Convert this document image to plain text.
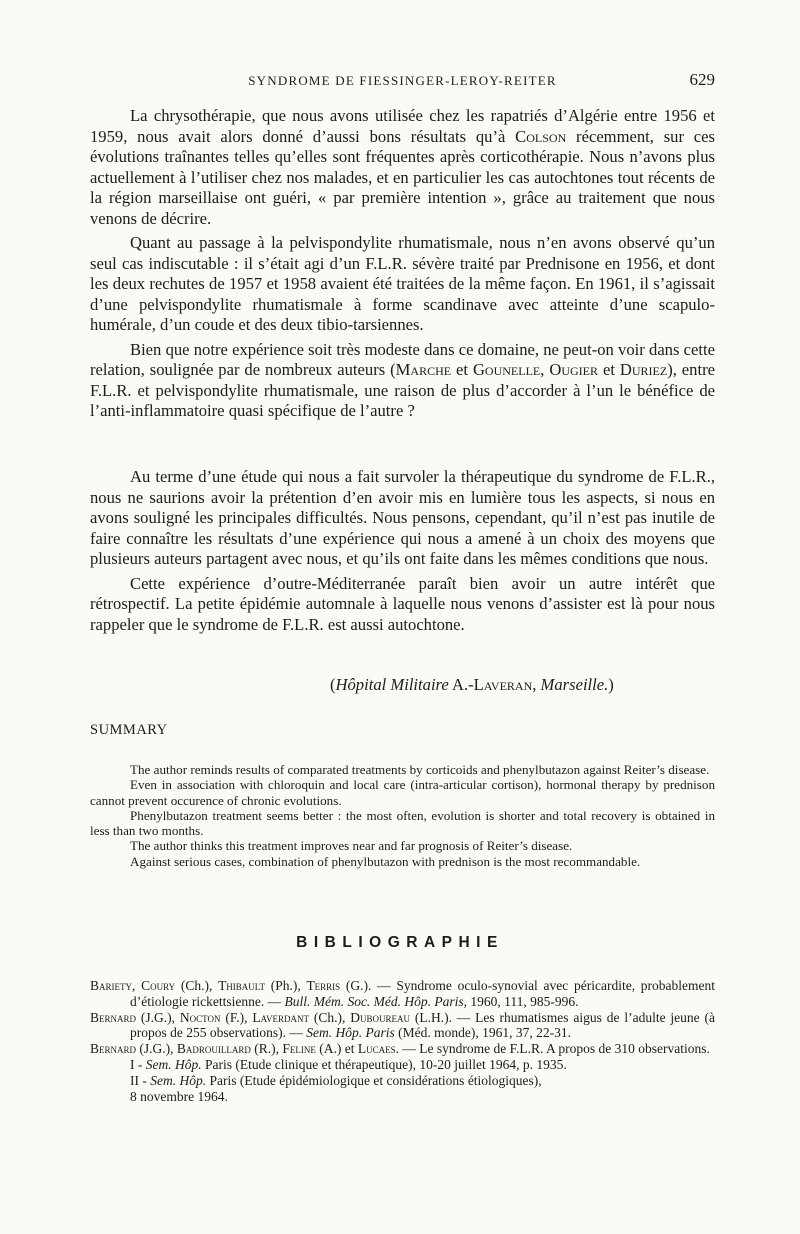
SYNDROME DE FIESSINGER-LEROY-REITER	629

La chrysothérapie, que nous avons utilisée chez les rapatriés d’Algérie entre 1956 et 1959, nous avait alors donné d’aussi bons résultats qu’à Colson récemment, sur ces évolutions traînantes telles qu’elles sont fréquentes après corticothérapie. Nous n’avons plus actuellement à l’utiliser chez nos malades, et en particulier les cas autochtones tout récents de la région marseillaise ont guéri, « par première intention », grâce au traitement que nous venons de décrire.

Quant au passage à la pelvispondylite rhumatismale, nous n’en avons observé qu’un seul cas indiscutable : il s’était agi d’un F.L.R. sévère traité par Prednisone en 1956, et dont les deux rechutes de 1957 et 1958 avaient été traitées de la même façon. En 1961, il s’agissait d’une pelvispondylite rhumatismale à forme scandinave avec atteinte d’une scapulo-humérale, d’un coude et des deux tibio-tarsiennes.

Bien que notre expérience soit très modeste dans ce domaine, ne peut-on voir dans cette relation, soulignée par de nombreux auteurs (Marche et Gounelle, Ougier et Duriez), entre F.L.R. et pelvispondylite rhumatismale, une raison de plus d’accorder à l’un le bénéfice de l’anti-inflammatoire quasi spécifique de l’autre ?

Au terme d’une étude qui nous a fait survoler la thérapeutique du syndrome de F.L.R., nous ne saurions avoir la prétention d’en avoir mis en lumière tous les aspects, si nous en avons souligné les principales difficultés. Nous pensons, cependant, qu’il n’est pas inutile de faire connaître les résultats d’une expérience qui nous a amené à un choix des moyens que plusieurs auteurs partagent avec nous, et qu’ils ont faite dans les mêmes conditions que nous.

Cette expérience d’outre-Méditerranée paraît bien avoir un autre intérêt que rétrospectif. La petite épidémie automnale à laquelle nous venons d’assister est là pour nous rappeler que le syndrome de F.L.R. est aussi autochtone.

(Hôpital Militaire A.-Laveran, Marseille.)
SUMMARY

The author reminds results of comparated treatments by corticoids and phenylbutazon against Reiter’s disease.

Even in association with chloroquin and local care (intra-articular cortison), hormonal therapy by prednison cannot prevent occurence of chronic evolutions.

Phenylbutazon treatment seems better : the most often, evolution is shorter and total recovery is obtained in less than two months.

The author thinks this treatment improves near and far prognosis of Reiter’s disease.

Against serious cases, combination of phenylbutazon with prednison is the most recommandable.

BIBLIOGRAPHIE
Bariety, Coury (Ch.), Thibault (Ph.), Terris (G.). — Syndrome oculo-synovial avec péricardite, probablement d’étiologie rickettsienne. — Bull. Mém. Soc. Méd. Hôp. Paris, 1960, 111, 985-996.
Bernard (J.G.), Nocton (F.), Laverdant (Ch.), Duboureau (L.H.). — Les rhumatismes aigus de l’adulte jeune (à propos de 255 observations). — Sem. Hôp. Paris (Méd. monde), 1961, 37, 22-31.
Bernard (J.G.), Badrouillard (R.), Feline (A.) et Lucaes. — Le syndrome de F.L.R. A propos de 310 observations.
I - Sem. Hôp. Paris (Etude clinique et thérapeutique), 10-20 juillet 1964, p. 1935.
II - Sem. Hôp. Paris (Etude épidémiologique et considérations étiologiques),
8 novembre 1964.
